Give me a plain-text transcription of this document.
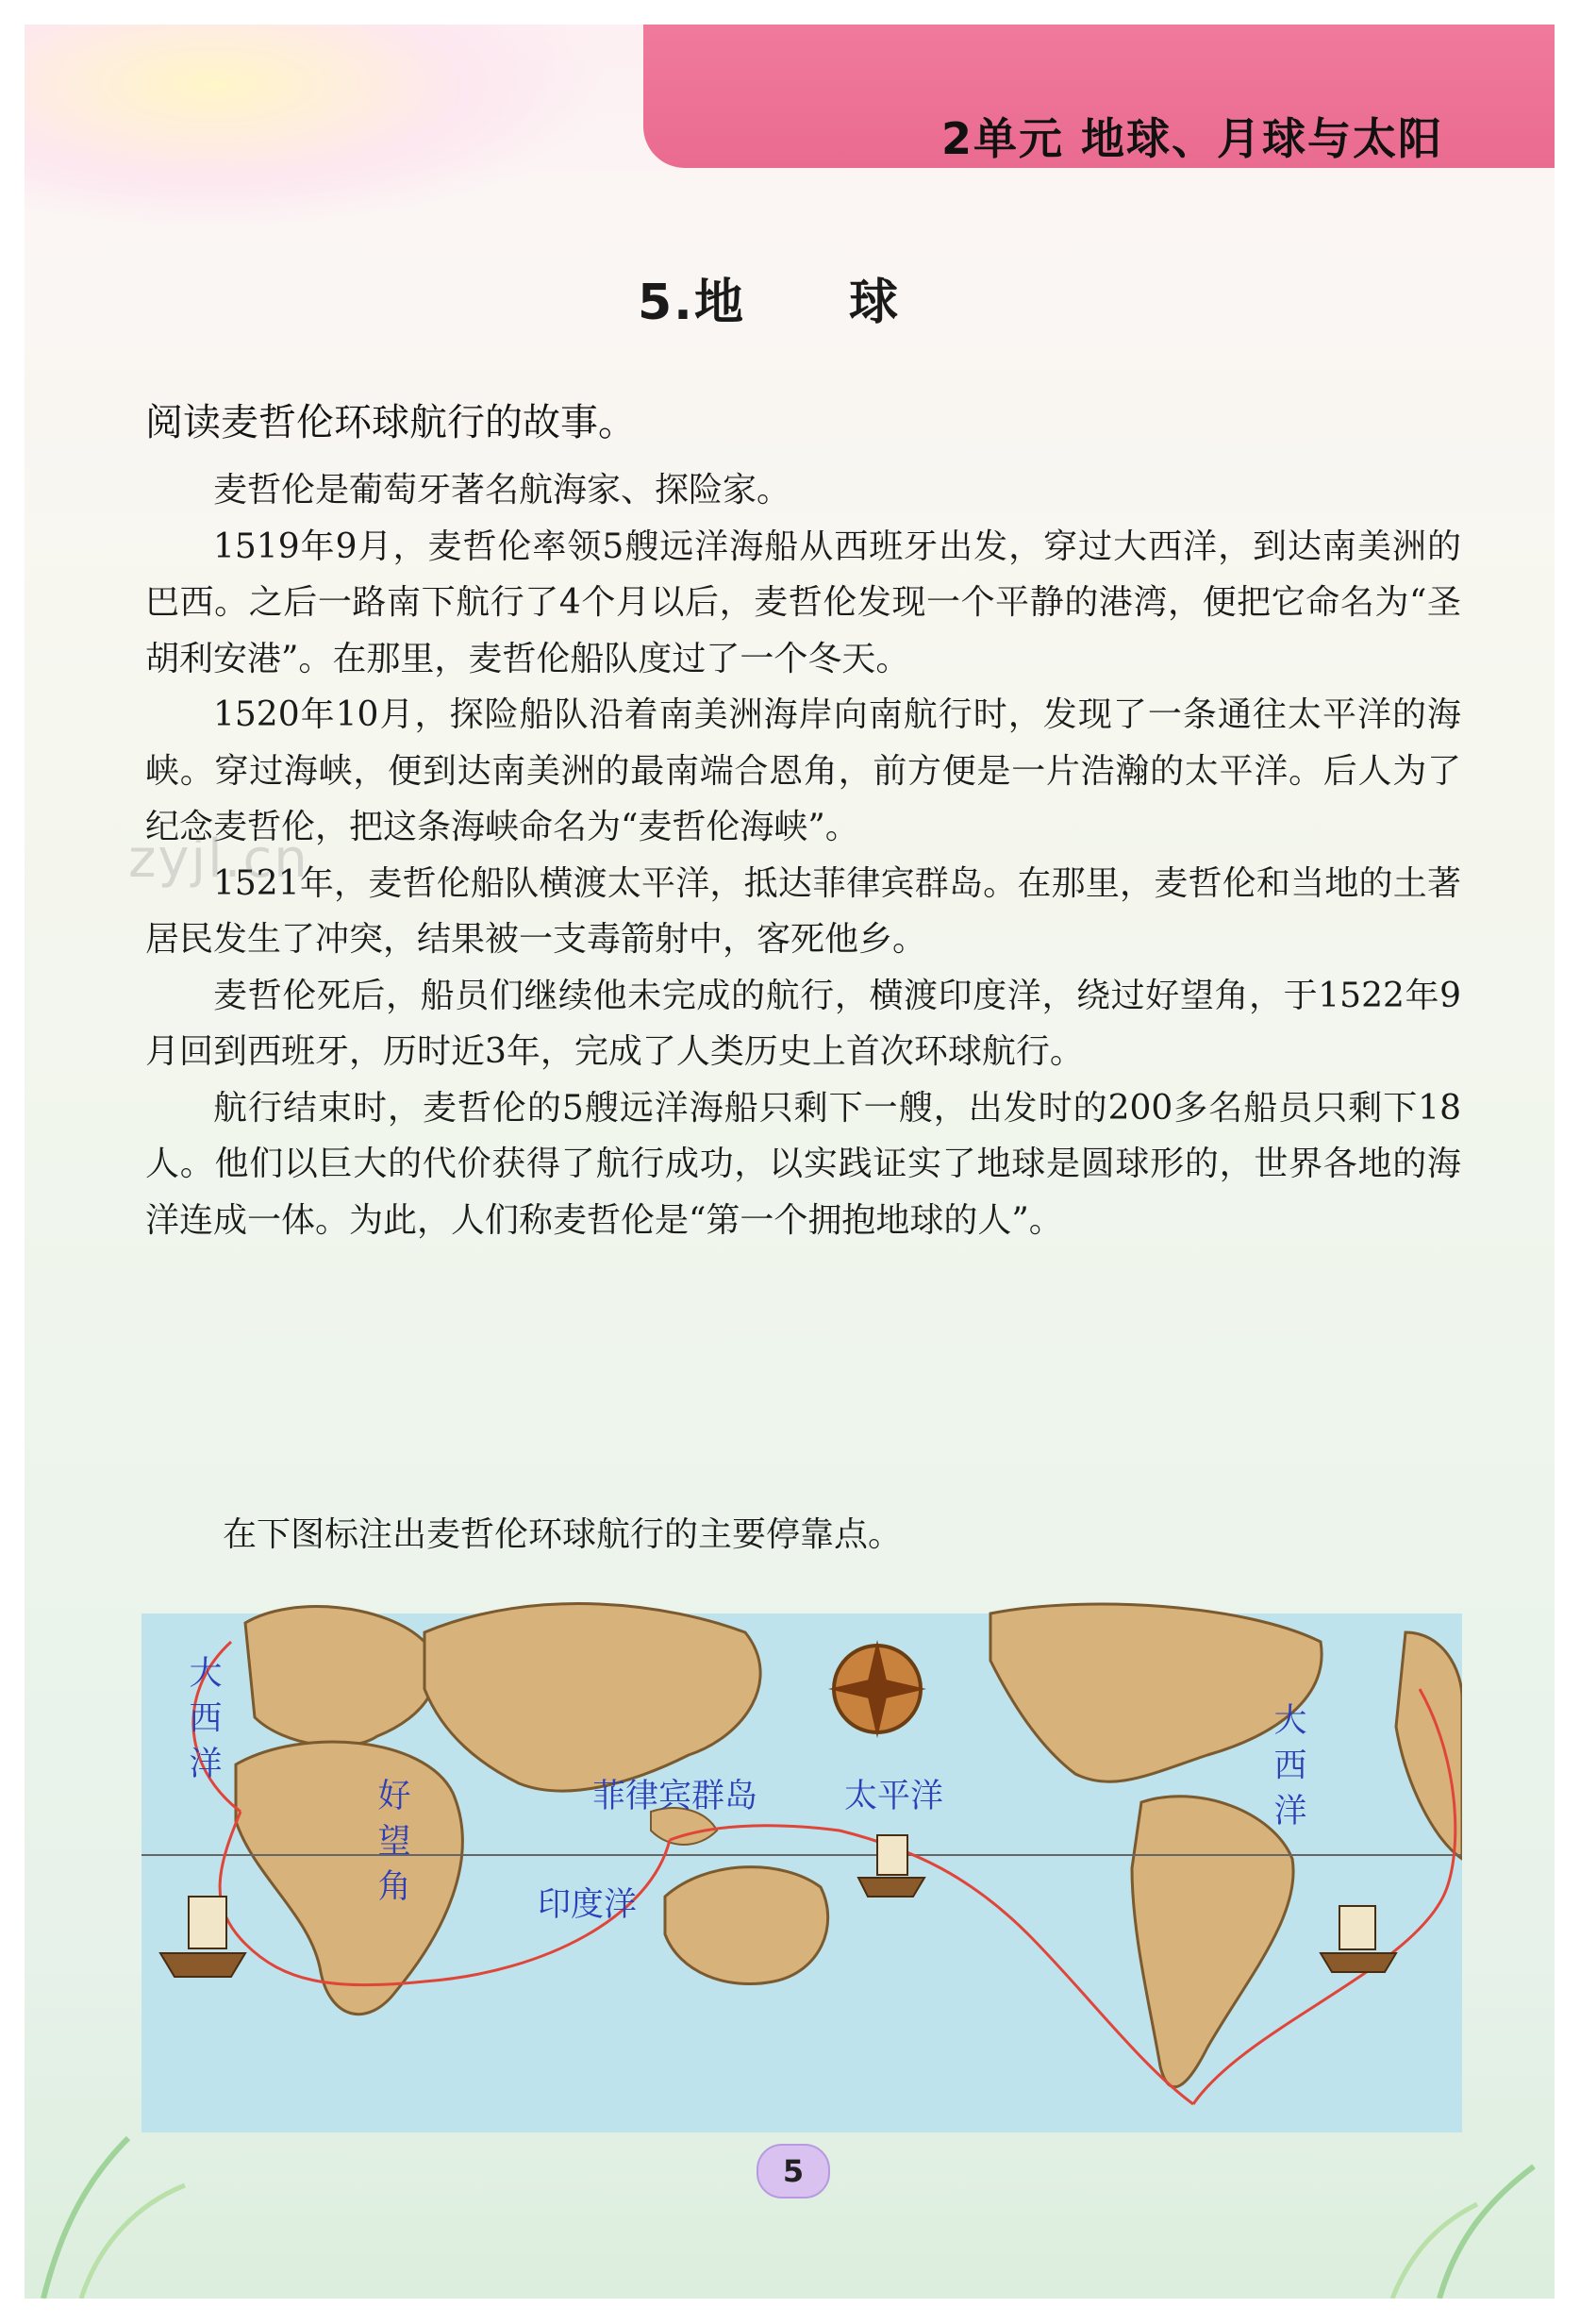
2单元 地球、月球与太阳
5.地 球
阅读麦哲伦环球航行的故事。

麦哲伦是葡萄牙著名航海家、探险家。

1519年9月，麦哲伦率领5艘远洋海船从西班牙出发，穿过大西洋，到达南美洲的巴西。之后一路南下航行了4个月以后，麦哲伦发现一个平静的港湾，便把它命名为“圣胡利安港”。在那里，麦哲伦船队度过了一个冬天。

1520年10月，探险船队沿着南美洲海岸向南航行时，发现了一条通往太平洋的海峡。穿过海峡，便到达南美洲的最南端合恩角，前方便是一片浩瀚的太平洋。后人为了纪念麦哲伦，把这条海峡命名为“麦哲伦海峡”。

1521年，麦哲伦船队横渡太平洋，抵达菲律宾群岛。在那里，麦哲伦和当地的土著居民发生了冲突，结果被一支毒箭射中，客死他乡。

麦哲伦死后，船员们继续他未完成的航行，横渡印度洋，绕过好望角，于1522年9月回到西班牙，历时近3年，完成了人类历史上首次环球航行。

航行结束时，麦哲伦的5艘远洋海船只剩下一艘，出发时的200多名船员只剩下18人。他们以巨大的代价获得了航行成功，以实践证实了地球是圆球形的，世界各地的海洋连成一体。为此，人们称麦哲伦是“第一个拥抱地球的人”。

zyjl.cn
在下图标注出麦哲伦环球航行的主要停靠点。
大西洋
好望角
菲律宾群岛	太平洋
大西洋
印度洋
5
